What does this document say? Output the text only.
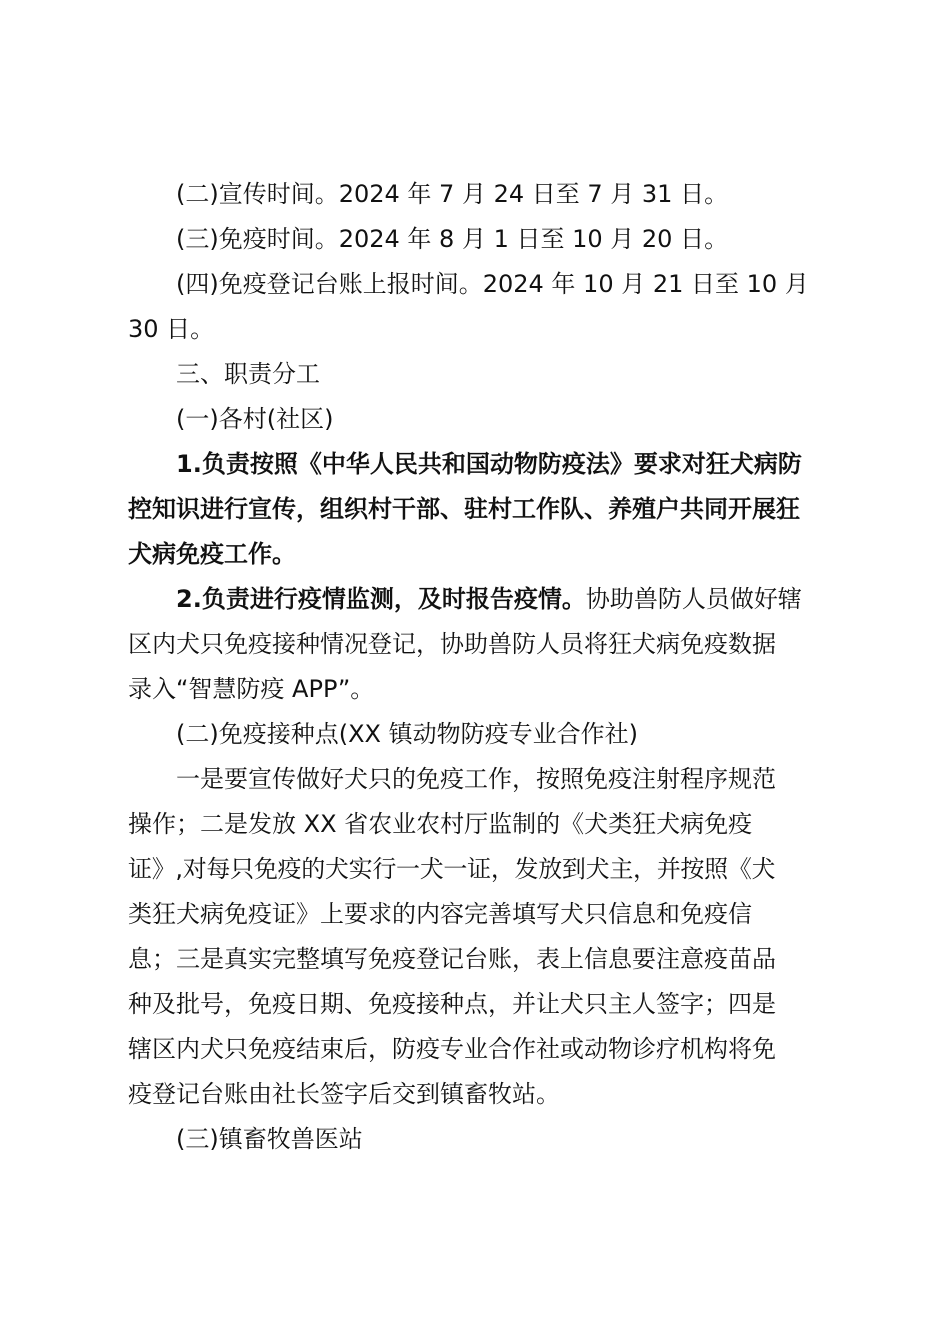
(二)宣传时间。2024 年 7 月 24 日至 7 月 31 日。

(三)免疫时间。2024 年 8 月 1 日至 10 月 20 日。

(四)免疫登记台账上报时间。2024 年 10 月 21 日至 10 月
30 日。

三、职责分工

(一)各村(社区)

1.负责按照《中华人民共和国动物防疫法》要求对狂犬病防
控知识进行宣传，组织村干部、驻村工作队、养殖户共同开展狂
犬病免疫工作。

2.负责进行疫情监测，及时报告疫情。协助兽防人员做好辖
区内犬只免疫接种情况登记，协助兽防人员将狂犬病免疫数据
录入“智慧防疫 APP”。

(二)免疫接种点(XX 镇动物防疫专业合作社)

一是要宣传做好犬只的免疫工作，按照免疫注射程序规范
操作；二是发放 XX 省农业农村厅监制的《犬类狂犬病免疫
证》,对每只免疫的犬实行一犬一证，发放到犬主，并按照《犬
类狂犬病免疫证》上要求的内容完善填写犬只信息和免疫信
息；三是真实完整填写免疫登记台账，表上信息要注意疫苗品
种及批号，免疫日期、免疫接种点，并让犬只主人签字；四是
辖区内犬只免疫结束后，防疫专业合作社或动物诊疗机构将免
疫登记台账由社长签字后交到镇畜牧站。

(三)镇畜牧兽医站
